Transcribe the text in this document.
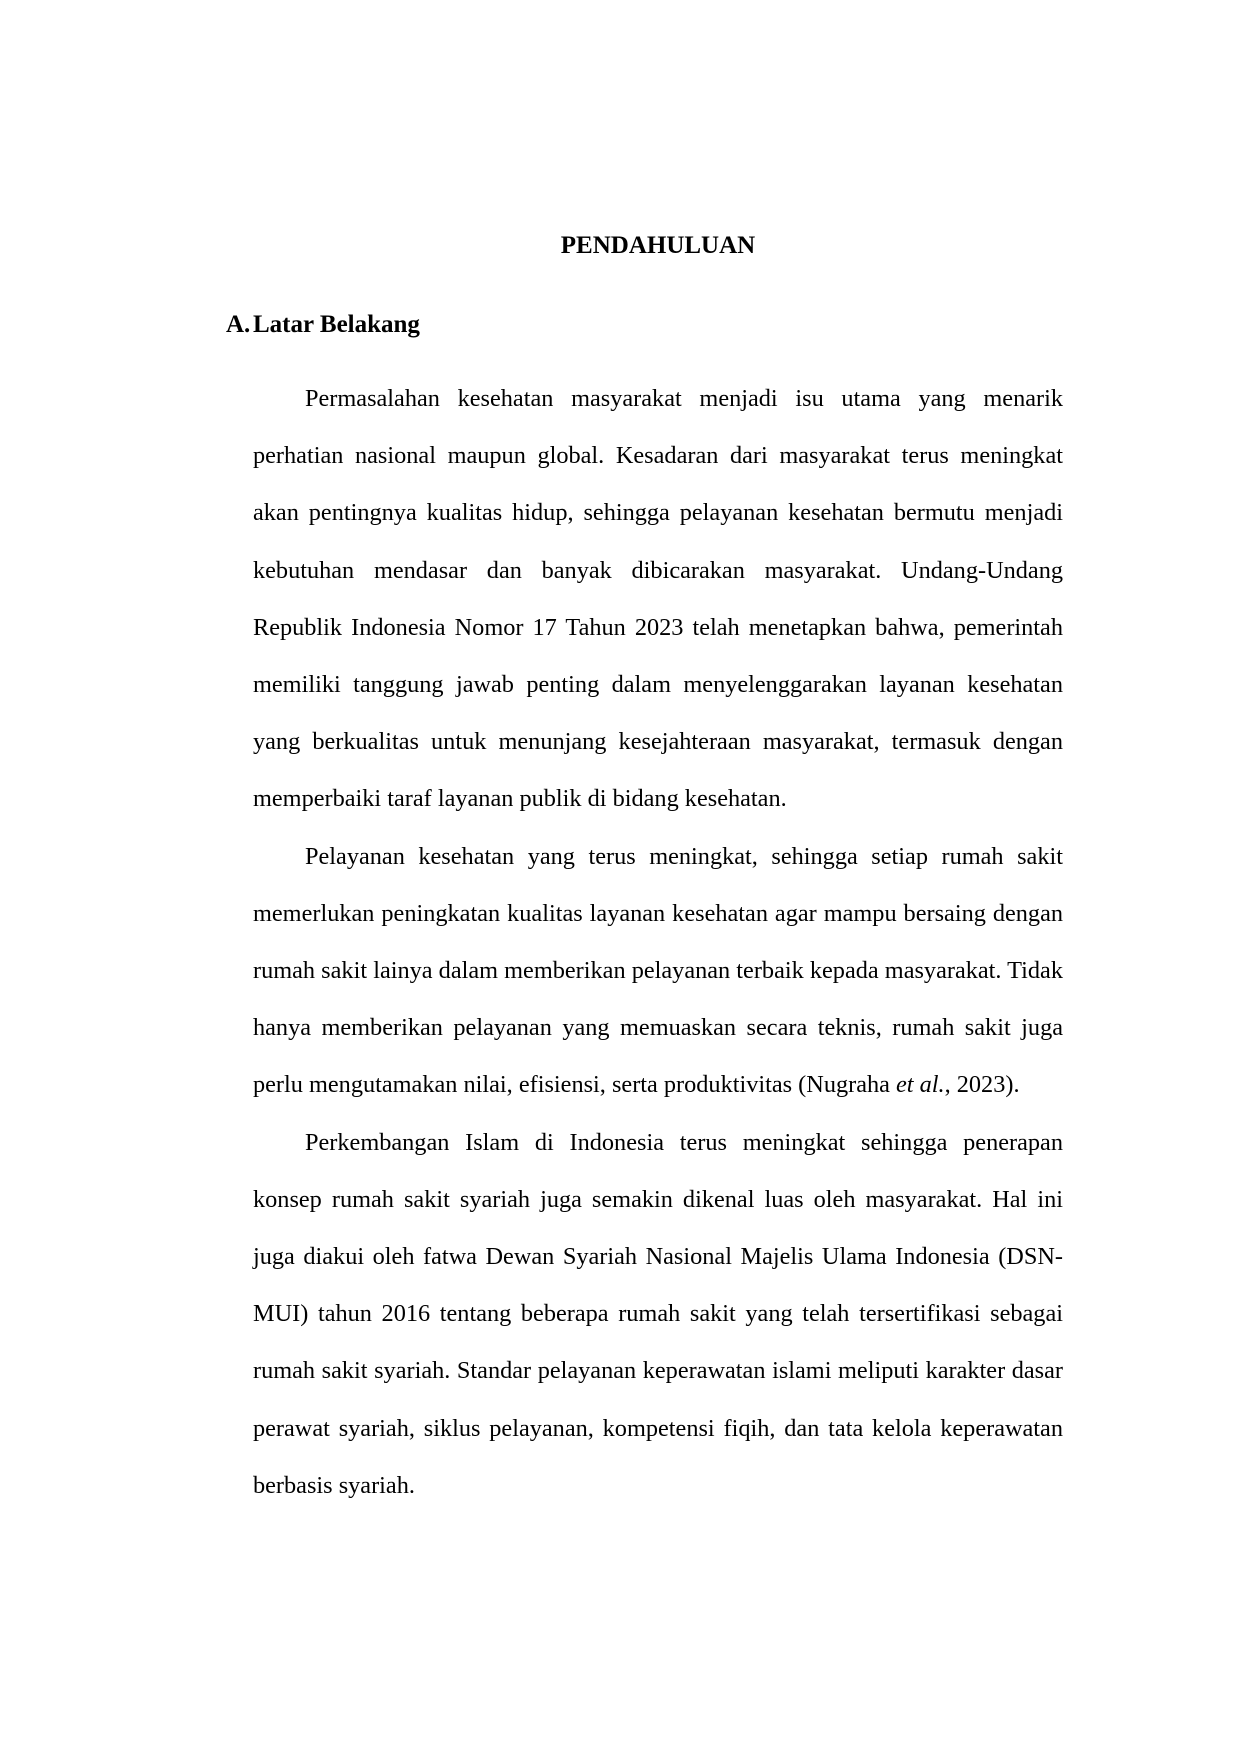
PENDAHULUAN
A. Latar Belakang

Permasalahan kesehatan masyarakat menjadi isu utama yang menarik perhatian nasional maupun global. Kesadaran dari masyarakat terus meningkat akan pentingnya kualitas hidup, sehingga pelayanan kesehatan bermutu menjadi kebutuhan mendasar dan banyak dibicarakan masyarakat. Undang-Undang Republik Indonesia Nomor 17 Tahun 2023 telah menetapkan bahwa, pemerintah memiliki tanggung jawab penting dalam menyelenggarakan layanan kesehatan yang berkualitas untuk menunjang kesejahteraan masyarakat, termasuk dengan memperbaiki taraf layanan publik di bidang kesehatan.

Pelayanan kesehatan yang terus meningkat, sehingga setiap rumah sakit memerlukan peningkatan kualitas layanan kesehatan agar mampu bersaing dengan rumah sakit lainya dalam memberikan pelayanan terbaik kepada masyarakat. Tidak hanya memberikan pelayanan yang memuaskan secara teknis, rumah sakit juga perlu mengutamakan nilai, efisiensi, serta produktivitas (Nugraha et al., 2023).

Perkembangan Islam di Indonesia terus meningkat sehingga penerapan konsep rumah sakit syariah juga semakin dikenal luas oleh masyarakat. Hal ini juga diakui oleh fatwa Dewan Syariah Nasional Majelis Ulama Indonesia (DSN-MUI) tahun 2016 tentang beberapa rumah sakit yang telah tersertifikasi sebagai rumah sakit syariah. Standar pelayanan keperawatan islami meliputi karakter dasar perawat syariah, siklus pelayanan, kompetensi fiqih, dan tata kelola keperawatan berbasis syariah.
